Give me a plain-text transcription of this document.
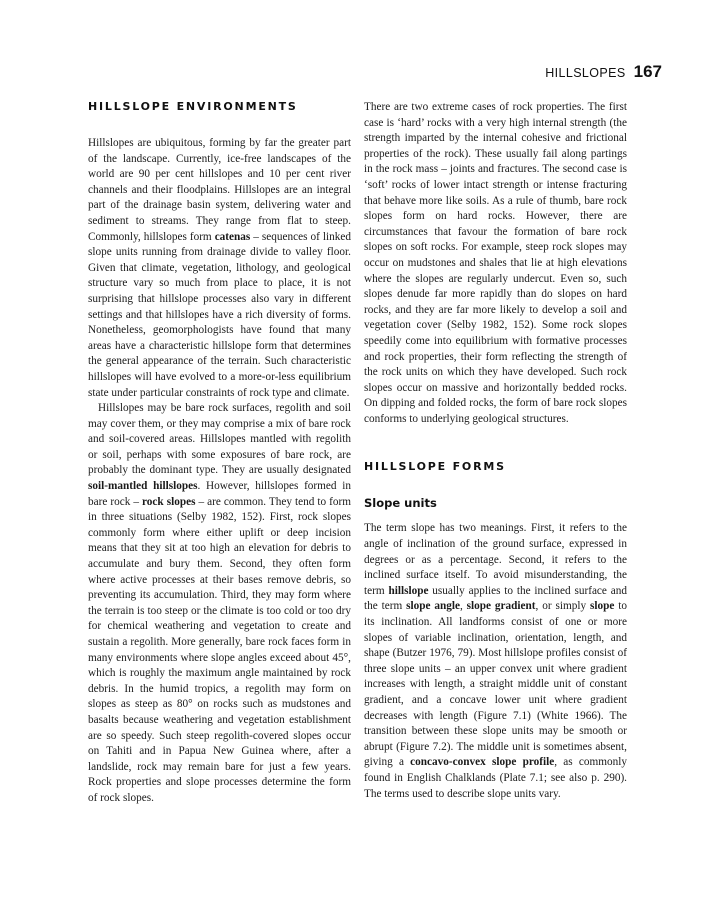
HILLSLOPES 167
HILLSLOPE ENVIRONMENTS

Hillslopes are ubiquitous, forming by far the greater part of the landscape. Currently, ice-free landscapes of the world are 90 per cent hillslopes and 10 per cent river channels and their floodplains. Hillslopes are an integral part of the drainage basin system, delivering water and sediment to streams. They range from flat to steep. Commonly, hillslopes form catenas – sequences of linked slope units running from drainage divide to valley floor. Given that climate, vegetation, lithology, and geological structure vary so much from place to place, it is not surprising that hillslope processes also vary in different settings and that hillslopes have a rich diversity of forms. Nonetheless, geomorphologists have found that many areas have a characteristic hillslope form that determines the general appearance of the terrain. Such characteristic hillslopes will have evolved to a more-or-less equilibrium state under particular constraints of rock type and climate.

Hillslopes may be bare rock surfaces, regolith and soil may cover them, or they may comprise a mix of bare rock and soil-covered areas. Hillslopes mantled with regolith or soil, perhaps with some exposures of bare rock, are probably the dominant type. They are usually designated soil-mantled hillslopes. However, hillslopes formed in bare rock – rock slopes – are common. They tend to form in three situations (Selby 1982, 152). First, rock slopes commonly form where either uplift or deep incision means that they sit at too high an elevation for debris to accumulate and bury them. Second, they often form where active processes at their bases remove debris, so preventing its accumulation. Third, they may form where the terrain is too steep or the climate is too cold or too dry for chemical weathering and vegetation to create and sustain a regolith. More generally, bare rock faces form in many environments where slope angles exceed about 45°, which is roughly the maximum angle maintained by rock debris. In the humid tropics, a regolith may form on slopes as steep as 80° on rocks such as mudstones and basalts because weathering and vegetation establishment are so speedy. Such steep regolith-covered slopes occur on Tahiti and in Papua New Guinea where, after a landslide, rock may remain bare for just a few years. Rock properties and slope processes determine the form of rock slopes.

There are two extreme cases of rock properties. The first case is ‘hard’ rocks with a very high internal strength (the strength imparted by the internal cohesive and frictional properties of the rock). These usually fail along partings in the rock mass – joints and fractures. The second case is ‘soft’ rocks of lower intact strength or intense fracturing that behave more like soils. As a rule of thumb, bare rock slopes form on hard rocks. However, there are circumstances that favour the formation of bare rock slopes on soft rocks. For example, steep rock slopes may occur on mudstones and shales that lie at high elevations where the slopes are regularly undercut. Even so, such slopes denude far more rapidly than do slopes on hard rocks, and they are far more likely to develop a soil and vegetation cover (Selby 1982, 152). Some rock slopes speedily come into equilibrium with formative processes and rock properties, their form reflecting the strength of the rock units on which they have developed. Such rock slopes occur on massive and horizontally bedded rocks. On dipping and folded rocks, the form of bare rock slopes conforms to underlying geological structures.

HILLSLOPE FORMS
Slope units

The term slope has two meanings. First, it refers to the angle of inclination of the ground surface, expressed in degrees or as a percentage. Second, it refers to the inclined surface itself. To avoid misunderstanding, the term hillslope usually applies to the inclined surface and the term slope angle, slope gradient, or simply slope to its inclination. All landforms consist of one or more slopes of variable inclination, orientation, length, and shape (Butzer 1976, 79). Most hillslope profiles consist of three slope units – an upper convex unit where gradient increases with length, a straight middle unit of constant gradient, and a concave lower unit where gradient decreases with length (Figure 7.1) (White 1966). The transition between these slope units may be smooth or abrupt (Figure 7.2). The middle unit is sometimes absent, giving a concavo-convex slope profile, as commonly found in English Chalklands (Plate 7.1; see also p. 290). The terms used to describe slope units vary.
